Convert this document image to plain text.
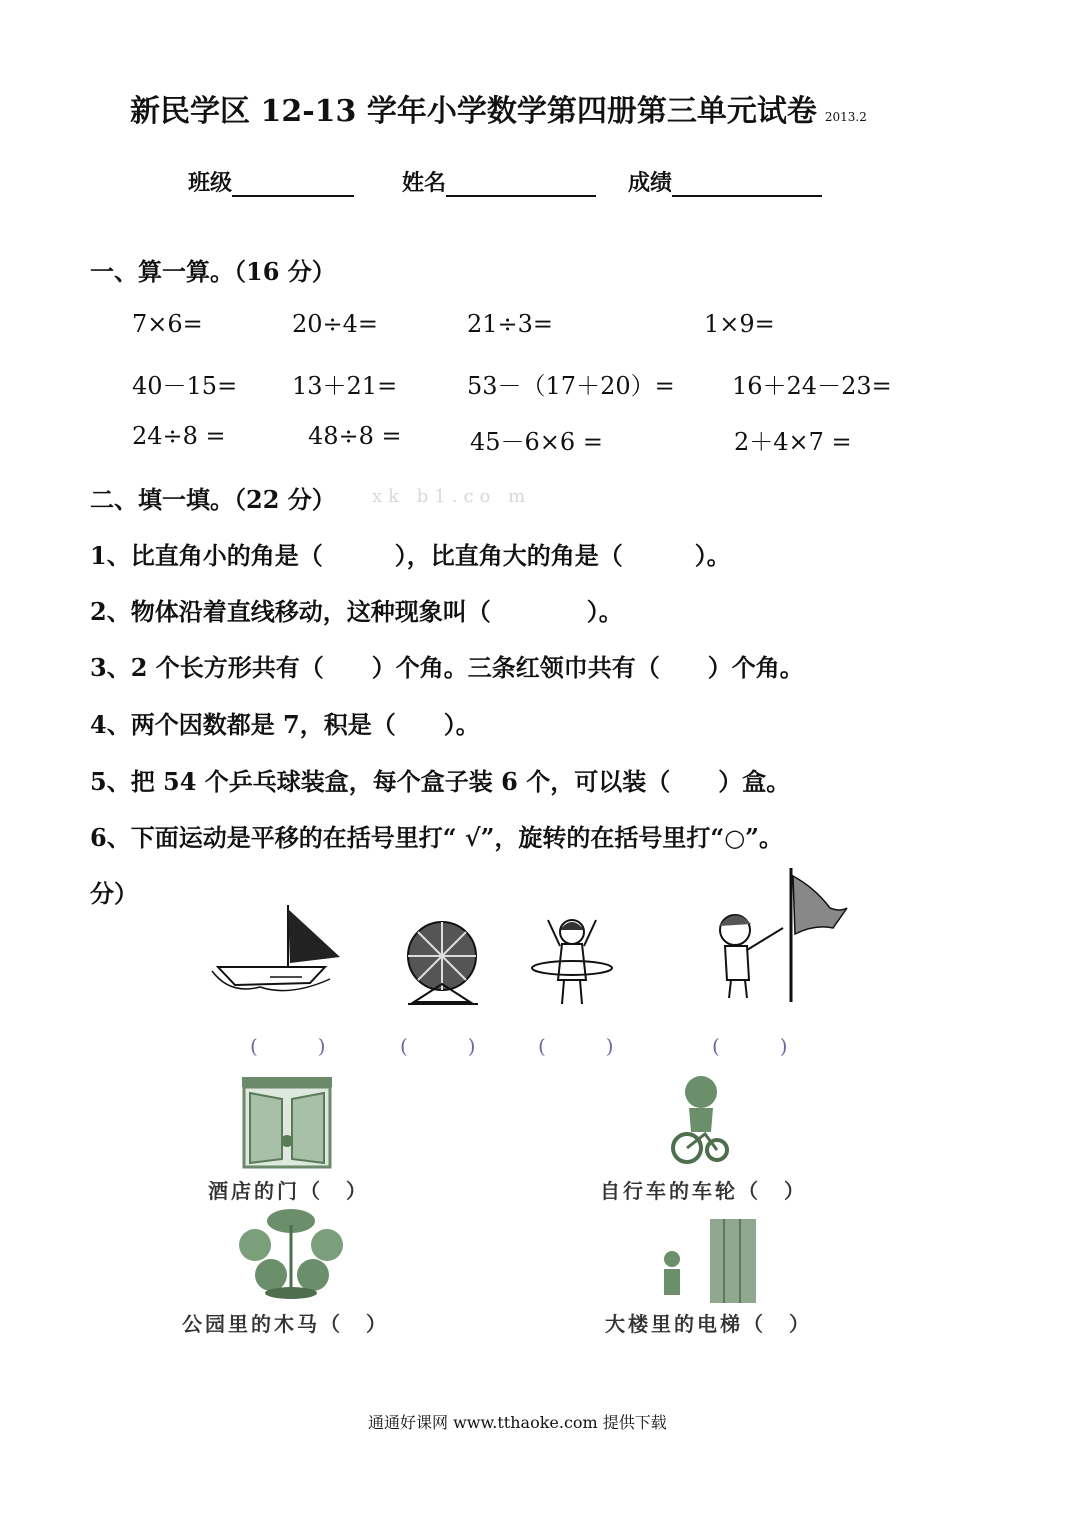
新民学区 12-13 学年小学数学第四册第三单元试卷 2013.2
班级	姓名	成绩
一、算一算。（16 分）
7×6=	20÷4=	21÷3=	1×9=
40－15= 13＋21=	53－（17＋20）= 16＋24－23=
24÷8 =	48÷8 =	45－6×6 =	2＋4×7 =
二、填一填。（22 分） xk b1.co m
1、比直角小的角是（　　　），比直角大的角是（　　　）。
2、物体沿着直线移动，这种现象叫（　　　　）。
3、2 个长方形共有（　　）个角。三条红领巾共有（　　）个角。
4、两个因数都是 7，积是（　　）。
5、把 54 个乒乓球装盒，每个盒子装 6 个，可以装（　　）盒。
6、下面运动是平移的在括号里打“ √”，旋转的在括号里打“○”。
分）
(　　　)	(　　　)	(　　　)	(　　　)
酒店的门（　）	自行车的车轮（　）
公园里的木马（　）	大楼里的电梯（　）
通通好课网 www.tthaoke.com 提供下载
